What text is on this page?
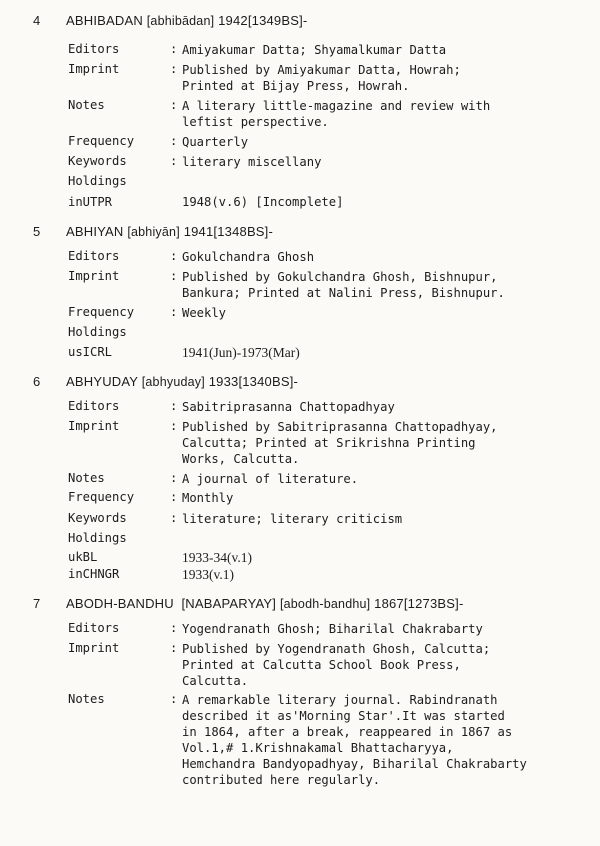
4 ABHIBADAN [abhibādan] 1942[1349BS]-
Editors	: Amiyakumar Datta; Shyamalkumar Datta
Imprint	: Published by Amiyakumar Datta, Howrah;
Printed at Bijay Press, Howrah.
Notes	: A literary little-magazine and review with
leftist perspective.
Frequency	: Quarterly
Keywords	: literary miscellany
Holdings
inUTPR	1948(v.6) [Incomplete]
5 ABHIYAN [abhiyān] 1941[1348BS]-
Editors	: Gokulchandra Ghosh
Imprint	: Published by Gokulchandra Ghosh, Bishnupur,
Bankura; Printed at Nalini Press, Bishnupur.
Frequency	: Weekly
Holdings
usICRL	1941(Jun)-1973(Mar)
6 ABHYUDAY [abhyuday] 1933[1340BS]-
Editors	: Sabitriprasanna Chattopadhyay
Imprint	: Published by Sabitriprasanna Chattopadhyay,
Calcutta; Printed at Srikrishna Printing
Works, Calcutta.
Notes	: A journal of literature.
Frequency	: Monthly
Keywords	: literature; literary criticism
Holdings
ukBL	1933-34(v.1)
inCHNGR	1933(v.1)
7 ABODH-BANDHU  [NABAPARYAY] [abodh-bandhu] 1867[1273BS]-
Editors	: Yogendranath Ghosh; Biharilal Chakrabarty
Imprint	: Published by Yogendranath Ghosh, Calcutta;
Printed at Calcutta School Book Press,
Calcutta.
Notes	: A remarkable literary journal. Rabindranath
described it as'Morning Star'.It was started
in 1864, after a break, reappeared in 1867 as
Vol.1,# 1.Krishnakamal Bhattacharyya,
Hemchandra Bandyopadhyay, Biharilal Chakrabarty
contributed here regularly.
